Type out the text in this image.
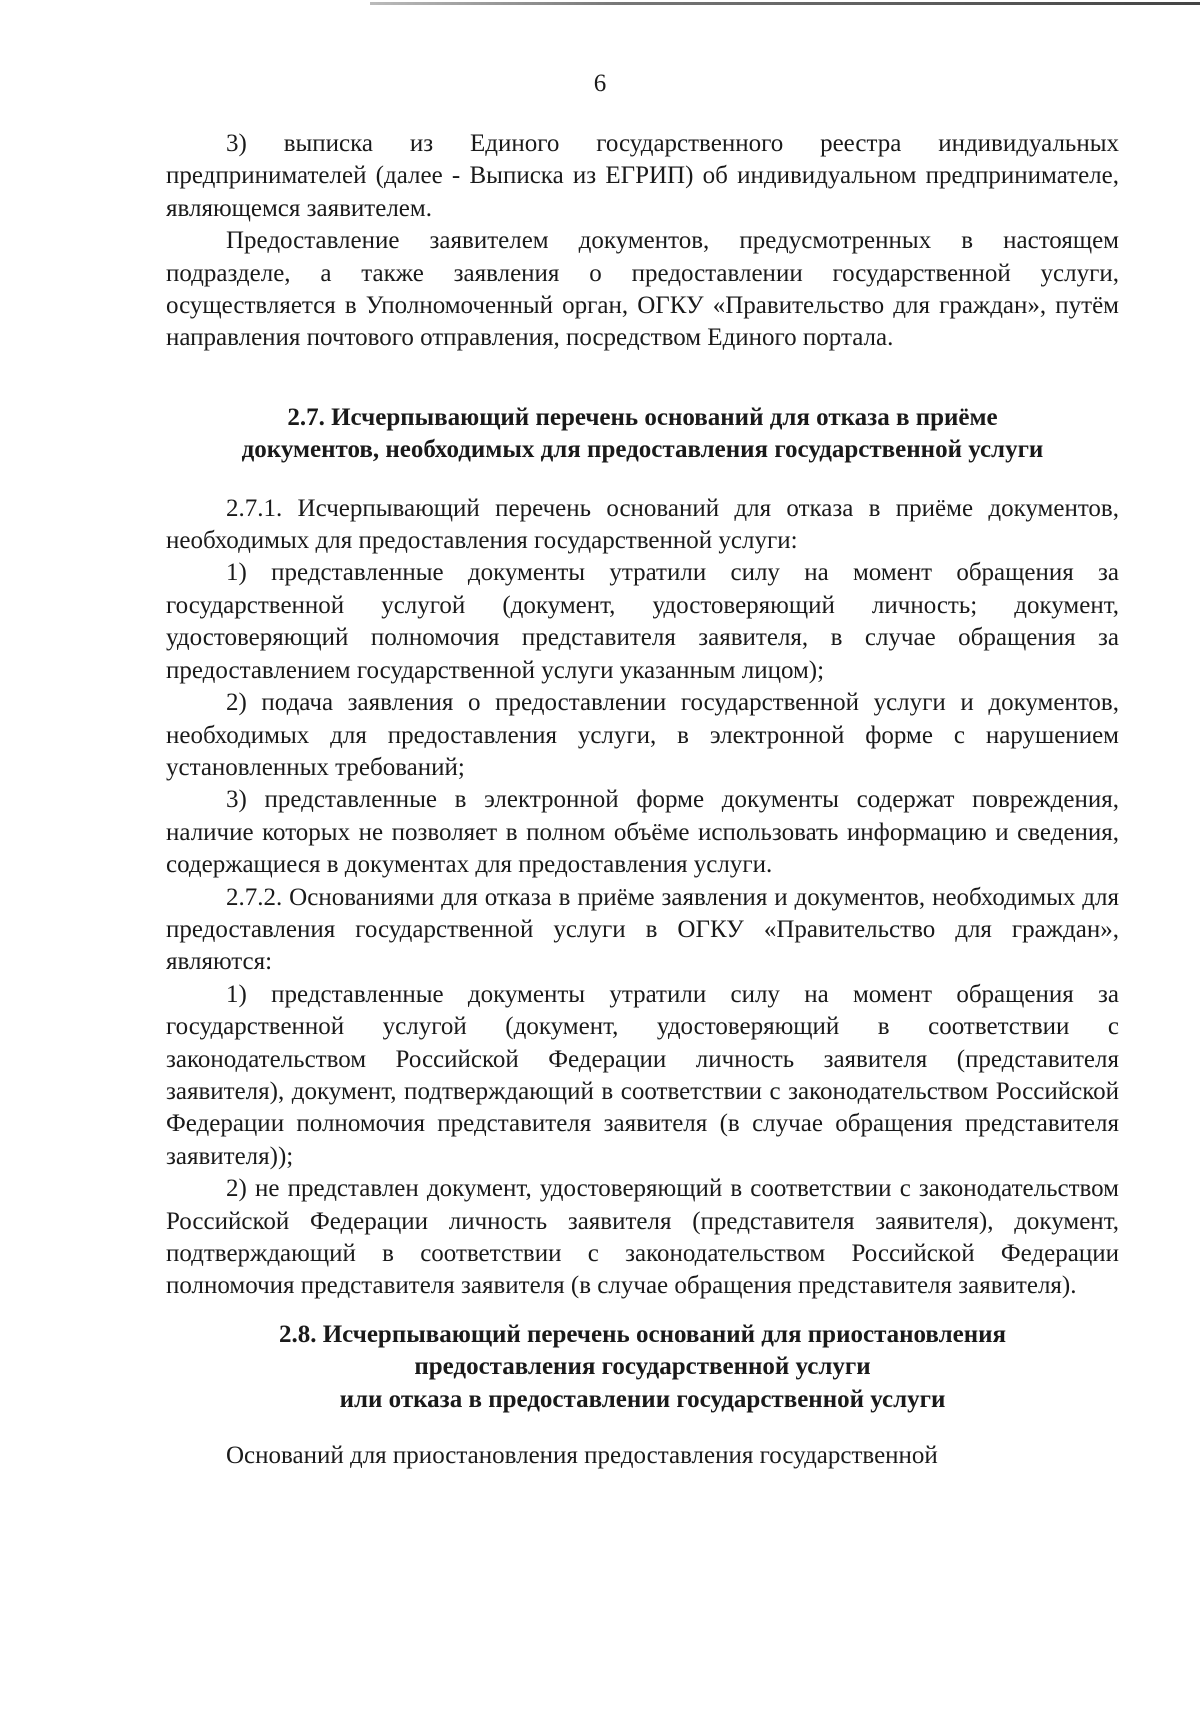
6

3) выписка из Единого государственного реестра индивидуальных предпринимателей (далее - Выписка из ЕГРИП) об индивидуальном предпринимателе, являющемся заявителем.

Предоставление заявителем документов, предусмотренных в настоящем подразделе, а также заявления о предоставлении государственной услуги, осуществляется в Уполномоченный орган, ОГКУ «Правительство для граждан», путём направления почтового отправления, посредством Единого портала.

2.7. Исчерпывающий перечень оснований для отказа в приёме
документов, необходимых для предоставления государственной услуги

2.7.1. Исчерпывающий перечень оснований для отказа в приёме документов, необходимых для предоставления государственной услуги:

1) представленные документы утратили силу на момент обращения за государственной услугой (документ, удостоверяющий личность; документ, удостоверяющий полномочия представителя заявителя, в случае обращения за предоставлением государственной услуги указанным лицом);

2) подача заявления о предоставлении государственной услуги и документов, необходимых для предоставления услуги, в электронной форме с нарушением установленных требований;

3) представленные в электронной форме документы содержат повреждения, наличие которых не позволяет в полном объёме использовать информацию и сведения, содержащиеся в документах для предоставления услуги.

2.7.2. Основаниями для отказа в приёме заявления и документов, необходимых для предоставления государственной услуги в ОГКУ «Правительство для граждан», являются:

1) представленные документы утратили силу на момент обращения за государственной услугой (документ, удостоверяющий в соответствии с законодательством Российской Федерации личность заявителя (представителя заявителя), документ, подтверждающий в соответствии с законодательством Российской Федерации полномочия представителя заявителя (в случае обращения представителя заявителя));

2) не представлен документ, удостоверяющий в соответствии с законодательством Российской Федерации личность заявителя (представителя заявителя), документ, подтверждающий в соответствии с законодательством Российской Федерации полномочия представителя заявителя (в случае обращения представителя заявителя).

2.8. Исчерпывающий перечень оснований для приостановления
предоставления государственной услуги
или отказа в предоставлении государственной услуги

Оснований для приостановления предоставления государственной
